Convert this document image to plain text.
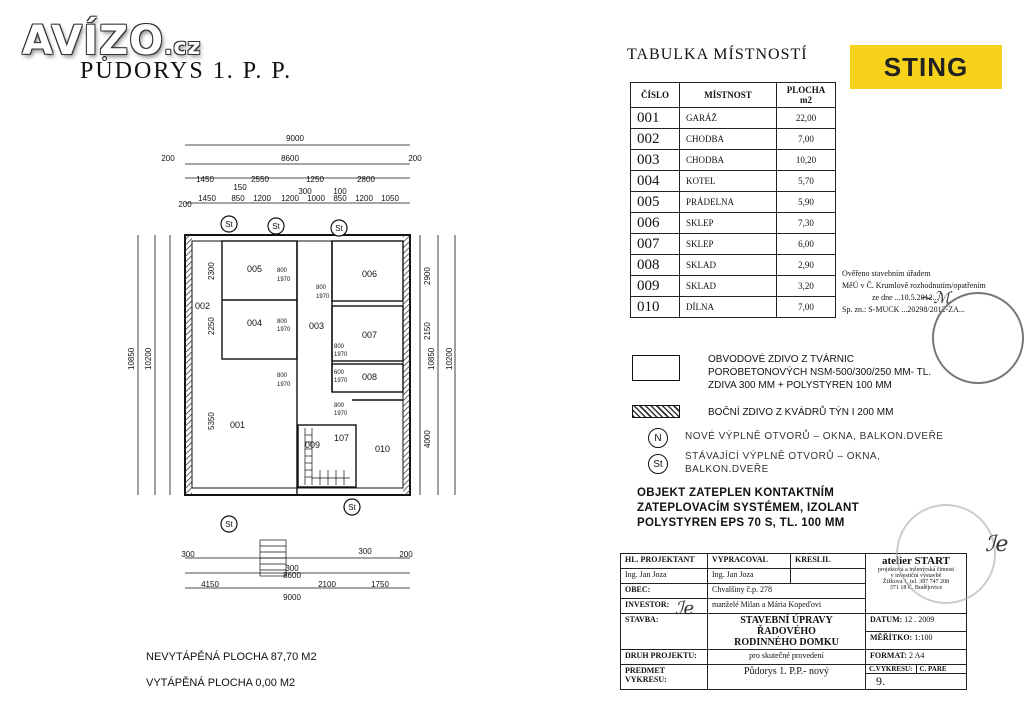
AVÍZO.cz
PŮDORYS 1. P. P.
TABULKA MÍSTNOSTÍ	STING
ČÍSLO	MÍSTNOST	PLOCHA m2
001	GARÁŽ	22,00
002	CHODBA	7,00
003	CHODBA	10,20
004	KOTEL	5,70
005	PRÁDELNA	5,90
006	SKLEP	7,30
007	SKLEP	6,00
008	SKLAD	2,90
009	SKLAD	3,20
010	DÍLNA	7,00
Ověřeno stavebním úřadem
MěÚ v Č. Krumlově rozhodnutím/opatřením
ze dne ...10.5.2012...
Sp. zn.: S-MUCK ...20298/2012-ZA...
~ℳ
OBVODOVÉ ZDIVO Z TVÁRNIC POROBETONOVÝCH NSM-500/300/250 MM- TL. ZDIVA 300 MM + POLYSTYREN 100 MM
BOČNÍ ZDIVO Z KVÁDRŮ TÝN I 200 MM
N	NOVÉ VÝPLNĚ OTVORŮ – OKNA, BALKON.DVEŘE
St
STÁVAJÍCÍ VÝPLNĚ OTVORŮ – OKNA,
BALKON.DVEŘE
OBJEKT ZATEPLEN KONTAKTNÍM ZATEPLOVACÍM SYSTÉMEM, IZOLANT POLYSTYREN EPS 70 S, TL. 100 MM
NEVYTÁPĚNÁ PLOCHA 87,70 M2
VYTÁPĚNÁ PLOCHA 0,00 M2
HL. PROJEKTANT	VYPRACOVAL	KRESLIL	atelier START
projektová a inženýrská činnost
v investiční výstavbě
Žižkova 1, tel. 387 747 208
371 18 Č. Budějovice

Ing. Jan Joza	Ing. Jan Joza		
OBEC:	Chvalšiny č.p. 278		
INVESTOR:	manželé Milan a Mária Kopeďovi		
STAVBA:	STAVEBNÍ ÚPRAVY ŘADOVÉHO
RODINNÉHO DOMKU		DATUM: 12 . 2009
			MĚŘÍTKO: 1:100
DRUH PROJEKTU:	pro skutečné provedení		FORMAT: 2 A4
PREDMET VYKRESU:	Půdorys 1. P.P.- nový		C.VYKRESU: C. PARE
9.
ℐe
ℐe
001
002
003
004
005	006
007
008
009	010
107
9000
200	8600	200
1450	2550	1250	2800
150	300	100
200
1450 850 1200 1200 1000 850 1200 1050
4150
300
2100
300
1750
200
300
8600
9000
10850 10200
5350
2250
2300
10850 10200
2900
2150
4000
800
1970
800
1970
800
1970
800
1970
600
1970
800
1970
800
1970
St	St	St
St
St
